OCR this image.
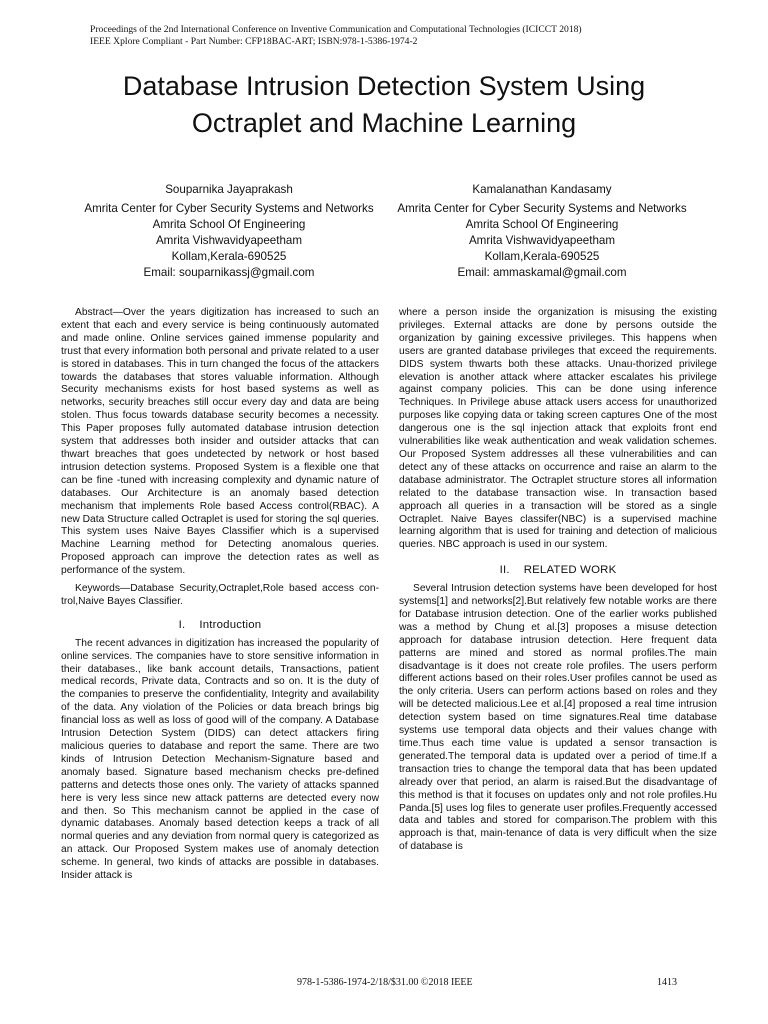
Proceedings of the 2nd International Conference on Inventive Communication and Computational Technologies (ICICCT 2018)
IEEE Xplore Compliant - Part Number: CFP18BAC-ART; ISBN:978-1-5386-1974-2
Database Intrusion Detection System Using
Octraplet and Machine Learning
Souparnika Jayaprakash
Amrita Center for Cyber Security Systems and Networks
Amrita School Of Engineering
Amrita Vishwavidyapeetham
Kollam,Kerala-690525
Email: souparnikassj@gmail.com
Kamalanathan Kandasamy
Amrita Center for Cyber Security Systems and Networks
Amrita School Of Engineering
Amrita Vishwavidyapeetham
Kollam,Kerala-690525
Email: ammaskamal@gmail.com

Abstract—Over the years digitization has increased to such an extent that each and every service is being continuously automated and made online. Online services gained immense popularity and trust that every information both personal and private related to a user is stored in databases. This in turn changed the focus of the attackers towards the databases that stores valuable information. Although Security mechanisms exists for host based systems as well as networks, security breaches still occur every day and data are being stolen. Thus focus towards database security becomes a necessity. This Paper proposes fully automated database intrusion detection system that addresses both insider and outsider attacks that can thwart breaches that goes undetected by network or host based intrusion detection systems. Proposed System is a flexible one that can be fine -tuned with increasing complexity and dynamic nature of databases. Our Architecture is an anomaly based detection mechanism that implements Role based Access control(RBAC). A new Data Structure called Octraplet is used for storing the sql queries. This system uses Naive Bayes Classifier which is a supervised Machine Learning method for Detecting anomalous queries. Proposed approach can improve the detection rates as well as performance of the system.

Keywords—Database Security,Octraplet,Role based access con-trol,Naive Bayes Classifier.

I. Introduction

The recent advances in digitization has increased the popularity of online services. The companies have to store sensitive information in their databases., like bank account details, Transactions, patient medical records, Private data, Contracts and so on. It is the duty of the companies to preserve the confidentiality, Integrity and availability of the data. Any violation of the Policies or data breach brings big financial loss as well as loss of good will of the company. A Database Intrusion Detection System (DIDS) can detect attackers firing malicious queries to database and report the same. There are two kinds of Intrusion Detection Mechanism-Signature based and anomaly based. Signature based mechanism checks pre-defined patterns and detects those ones only. The variety of attacks spanned here is very less since new attack patterns are detected every now and then. So This mechanism cannot be applied in the case of dynamic databases. Anomaly based detection keeps a track of all normal queries and any deviation from normal query is categorized as an attack. Our Proposed System makes use of anomaly detection scheme. In general, two kinds of attacks are possible in databases. Insider attack is

where a person inside the organization is misusing the existing privileges. External attacks are done by persons outside the organization by gaining excessive privileges. This happens when users are granted database privileges that exceed the requirements. DIDS system thwarts both these attacks. Unau-thorized privilege elevation is another attack where attacker escalates his privilege against company policies. This can be done using inference Techniques. In Privilege abuse attack users access for unauthorized purposes like copying data or taking screen captures One of the most dangerous one is the sql injection attack that exploits front end vulnerabilities like weak authentication and weak validation schemes. Our Proposed System addresses all these vulnerabilities and can detect any of these attacks on occurrence and raise an alarm to the database administrator. The Octraplet structure stores all information related to the database transaction wise. In transaction based approach all queries in a transaction will be stored as a single Octraplet. Naive Bayes classifer(NBC) is a supervised machine learning algorithm that is used for training and detection of malicious queries. NBC approach is used in our system.

II. RELATED WORK

Several Intrusion detection systems have been developed for host systems[1] and networks[2].But relatively few notable works are there for Database intrusion detection. One of the earlier works published was a method by Chung et al.[3] proposes a misuse detection approach for database intrusion detection. Here frequent data patterns are mined and stored as normal profiles.The main disadvantage is it does not create role profiles. The users perform different actions based on their roles.User profiles cannot be used as the only criteria. Users can perform actions based on roles and they will be detected malicious.Lee et al.[4] proposed a real time intrusion detection system based on time signatures.Real time database systems use temporal data objects and their values change with time.Thus each time value is updated a sensor transaction is generated.The temporal data is updated over a period of time.If a transaction tries to change the temporal data that has been updated already over that period, an alarm is raised.But the disadvantage of this method is that it focuses on updates only and not role profiles.Hu Panda.[5] uses log files to generate user profiles.Frequently accessed data and tables and stored for comparison.The problem with this approach is that, main-tenance of data is very difficult when the size of database is

978-1-5386-1974-2/18/$31.00 ©2018 IEEE	1413
